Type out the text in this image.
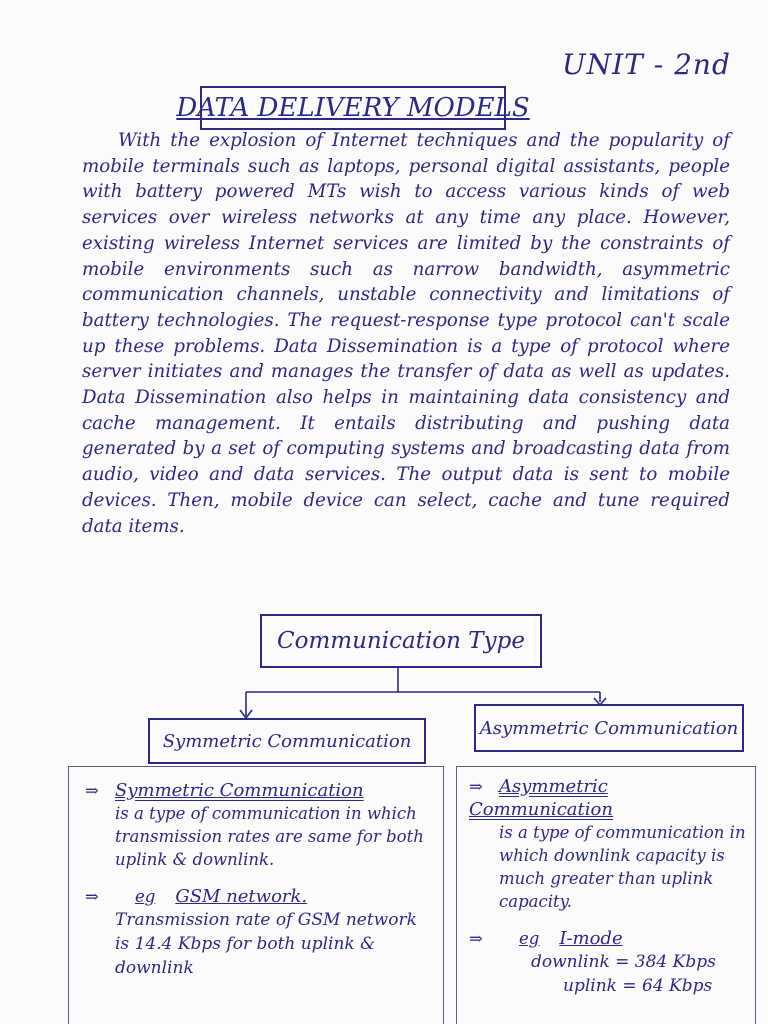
UNIT - 2nd
DATA DELIVERY MODELS

With the explosion of Internet techniques and the popularity of mobile terminals such as laptops, personal digital assistants, people with battery powered MTs wish to access various kinds of web services over wireless networks at any time any place. However, existing wireless Internet services are limited by the constraints of mobile environments such as narrow bandwidth, asymmetric communication channels, unstable connectivity and limitations of battery technologies. The request-response type protocol can't scale up these problems. Data Dissemination is a type of protocol where server initiates and manages the transfer of data as well as updates. Data Dissemination also helps in maintaining data consistency and cache management. It entails distributing and pushing data generated by a set of computing systems and broadcasting data from audio, video and data services. The output data is sent to mobile devices. Then, mobile device can select, cache and tune required data items.

Communication Type
Symmetric Communication
Asymmetric Communication
⇒ Symmetric Communication
is a type of communication in which transmission rates are same for both uplink & downlink.
⇒	eg GSM network.
Transmission rate of GSM network is 14.4 Kbps for both uplink & downlink
⇒ Asymmetric Communication
is a type of communication in which downlink capacity is much greater than uplink capacity.
⇒	eg I-mode
downlink = 384 Kbps
uplink = 64 Kbps
